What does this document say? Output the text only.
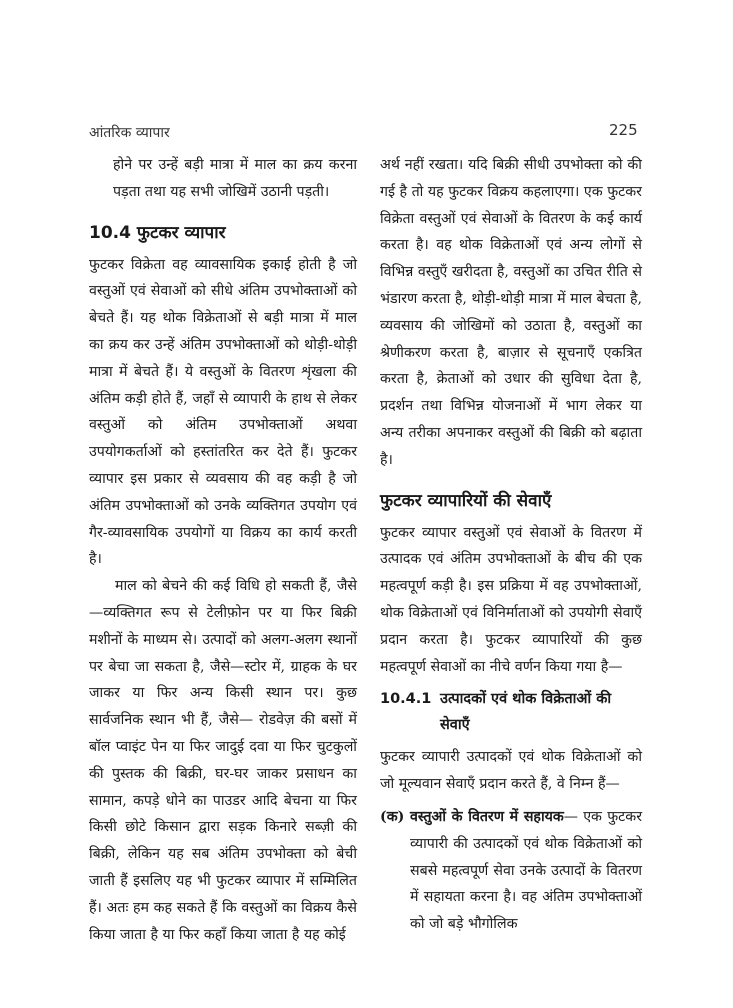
आंतरिक व्यापार	225

होने पर उन्हें बड़ी मात्रा में माल का क्रय करना पड़ता तथा यह सभी जोखिमें उठानी पड़ती।

10.4 फुटकर व्यापार

फुटकर विक्रेता वह व्यावसायिक इकाई होती है जो वस्तुओं एवं सेवाओं को सीधे अंतिम उपभोक्ताओं को बेचते हैं। यह थोक विक्रेताओं से बड़ी मात्रा में माल का क्रय कर उन्हें अंतिम उपभोक्ताओं को थोड़ी-थोड़ी मात्रा में बेचते हैं। ये वस्तुओं के वितरण शृंखला की अंतिम कड़ी होते हैं, जहाँ से व्यापारी के हाथ से लेकर वस्तुओं को अंतिम उपभोक्ताओं अथवा उपयोगकर्ताओं को हस्तांतरित कर देते हैं। फुटकर व्यापार इस प्रकार से व्यवसाय की वह कड़ी है जो अंतिम उपभोक्ताओं को उनके व्यक्तिगत उपयोग एवं गैर-व्यावसायिक उपयोगों या विक्रय का कार्य करती है।

माल को बेचने की कई विधि हो सकती हैं, जैसे—व्यक्तिगत रूप से टेलीफ़ोन पर या फिर बिक्री मशीनों के माध्यम से। उत्पादों को अलग-अलग स्थानों पर बेचा जा सकता है, जैसे—स्टोर में, ग्राहक के घर जाकर या फिर अन्य किसी स्थान पर। कुछ सार्वजनिक स्थान भी हैं, जैसे— रोडवेज़ की बसों में बॉल प्वाइंट पेन या फिर जादुई दवा या फिर चुटकुलों की पुस्तक की बिक्री, घर-घर जाकर प्रसाधन का सामान, कपड़े धोने का पाउडर आदि बेचना या फिर किसी छोटे किसान द्वारा सड़क किनारे सब्ज़ी की बिक्री, लेकिन यह सब अंतिम उपभोक्ता को बेची जाती हैं इसलिए यह भी फुटकर व्यापार में सम्मिलित हैं। अतः हम कह सकते हैं कि वस्तुओं का विक्रय कैसे किया जाता है या फिर कहाँ किया जाता है यह कोई

अर्थ नहीं रखता। यदि बिक्री सीधी उपभोक्ता को की गई है तो यह फुटकर विक्रय कहलाएगा। एक फुटकर विक्रेता वस्तुओं एवं सेवाओं के वितरण के कई कार्य करता है। वह थोक विक्रेताओं एवं अन्य लोगों से विभिन्न वस्तुएँ खरीदता है, वस्तुओं का उचित रीति से भंडारण करता है, थोड़ी-थोड़ी मात्रा में माल बेचता है, व्यवसाय की जोखिमों को उठाता है, वस्तुओं का श्रेणीकरण करता है, बाज़ार से सूचनाएँ एकत्रित करता है, क्रेताओं को उधार की सुविधा देता है, प्रदर्शन तथा विभिन्न योजनाओं में भाग लेकर या अन्य तरीका अपनाकर वस्तुओं की बिक्री को बढ़ाता है।

फुटकर व्यापारियों की सेवाएँ

फुटकर व्यापार वस्तुओं एवं सेवाओं के वितरण में उत्पादक एवं अंतिम उपभोक्ताओं के बीच की एक महत्वपूर्ण कड़ी है। इस प्रक्रिया में वह उपभोक्ताओं, थोक विक्रेताओं एवं विनिर्माताओं को उपयोगी सेवाएँ प्रदान करता है। फुटकर व्यापारियों की कुछ महत्वपूर्ण सेवाओं का नीचे वर्णन किया गया है—

10.4.1 उत्पादकों एवं थोक विक्रेताओं की सेवाएँ

फुटकर व्यापारी उत्पादकों एवं थोक विक्रेताओं को जो मूल्यवान सेवाएँ प्रदान करते हैं, वे निम्न हैं—

(क) वस्तुओं के वितरण में सहायक— एक फुटकर व्यापारी की उत्पादकों एवं थोक विक्रेताओं को सबसे महत्वपूर्ण सेवा उनके उत्पादों के वितरण में सहायता करना है। वह अंतिम उपभोक्ताओं को जो बड़े भौगोलिक
